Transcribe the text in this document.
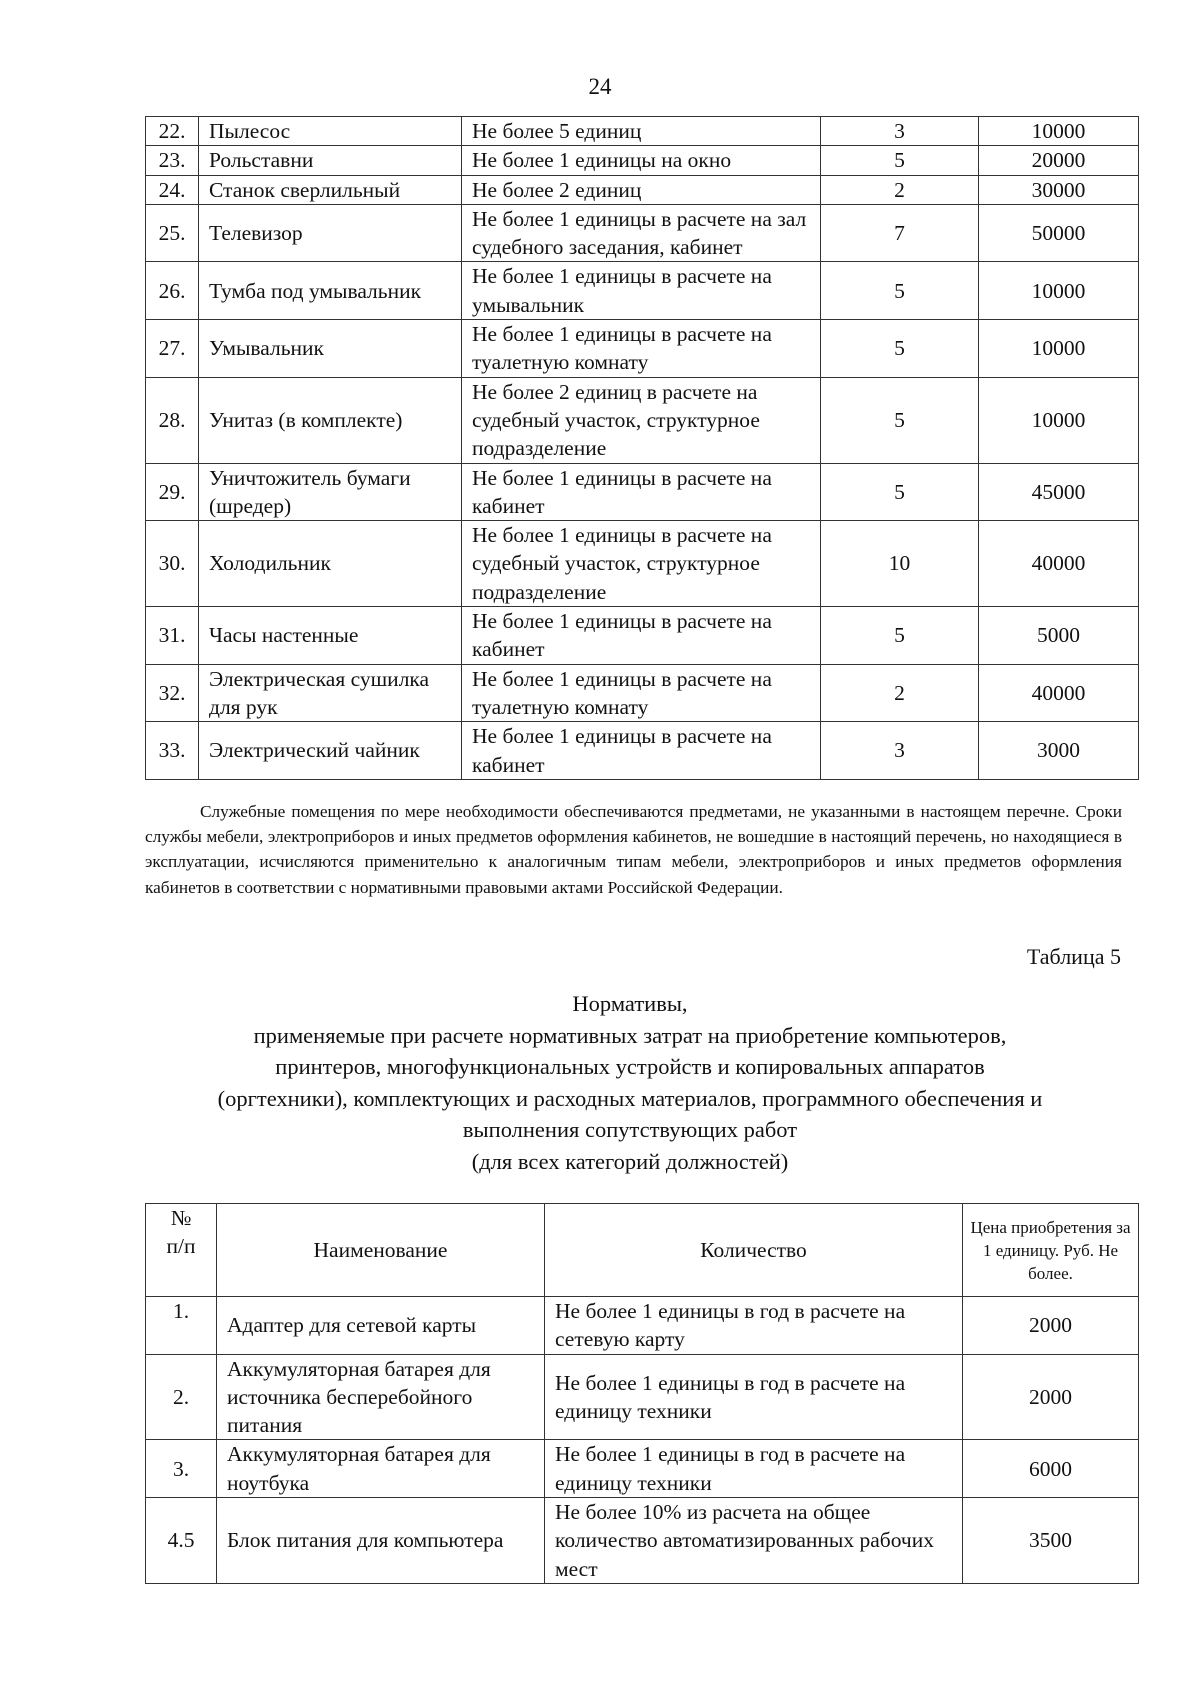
24
22.	Пылесос	Не более 5 единиц	3	10000
23.	Рольставни	Не более 1 единицы на окно	5	20000
24.	Станок сверлильный	Не более 2 единиц	2	30000
25.	Телевизор	Не более 1 единицы в расчете на зал судебного заседания, кабинет	7	50000
26.	Тумба под умывальник	Не более 1 единицы в расчете на умывальник	5	10000
27.	Умывальник	Не более 1 единицы в расчете на туалетную комнату	5	10000
28.	Унитаз (в комплекте)	Не более 2 единиц в расчете на судебный участок, структурное подразделение	5	10000
29.	Уничтожитель бумаги (шредер)	Не более 1 единицы в расчете на кабинет	5	45000
30.	Холодильник	Не более 1 единицы в расчете на судебный участок, структурное подразделение	10	40000
31.	Часы настенные	Не более 1 единицы в расчете на кабинет	5	5000
32.	Электрическая сушилка для рук	Не более 1 единицы в расчете на туалетную комнату	2	40000
33.	Электрический чайник	Не более 1 единицы в расчете на кабинет	3	3000

Служебные помещения по мере необходимости обеспечиваются предметами, не указанными в настоящем перечне. Сроки службы мебели, электроприборов и иных предметов оформления кабинетов, не вошедшие в настоящий перечень, но находящиеся в эксплуатации, исчисляются применительно к аналогичным типам мебели, электроприборов и иных предметов оформления кабинетов в соответствии с нормативными правовыми актами Российской Федерации.

Таблица 5
Нормативы,
применяемые при расчете нормативных затрат на приобретение компьютеров,
принтеров, многофункциональных устройств и копировальных аппаратов
(оргтехники), комплектующих и расходных материалов, программного обеспечения и
выполнения сопутствующих работ
(для всех категорий должностей)
№ п/п	Наименование	Количество	Цена приобретения за 1 единицу. Руб. Не более.
1.	Адаптер для сетевой карты	Не более 1 единицы в год в расчете на сетевую карту	2000
2.	Аккумуляторная батарея для источника бесперебойного питания	Не более 1 единицы в год в расчете на единицу техники	2000
3.	Аккумуляторная батарея для ноутбука	Не более 1 единицы в год в расчете на единицу техники	6000
4.5	Блок питания для компьютера	Не более 10% из расчета на общее количество автоматизированных рабочих мест	3500
